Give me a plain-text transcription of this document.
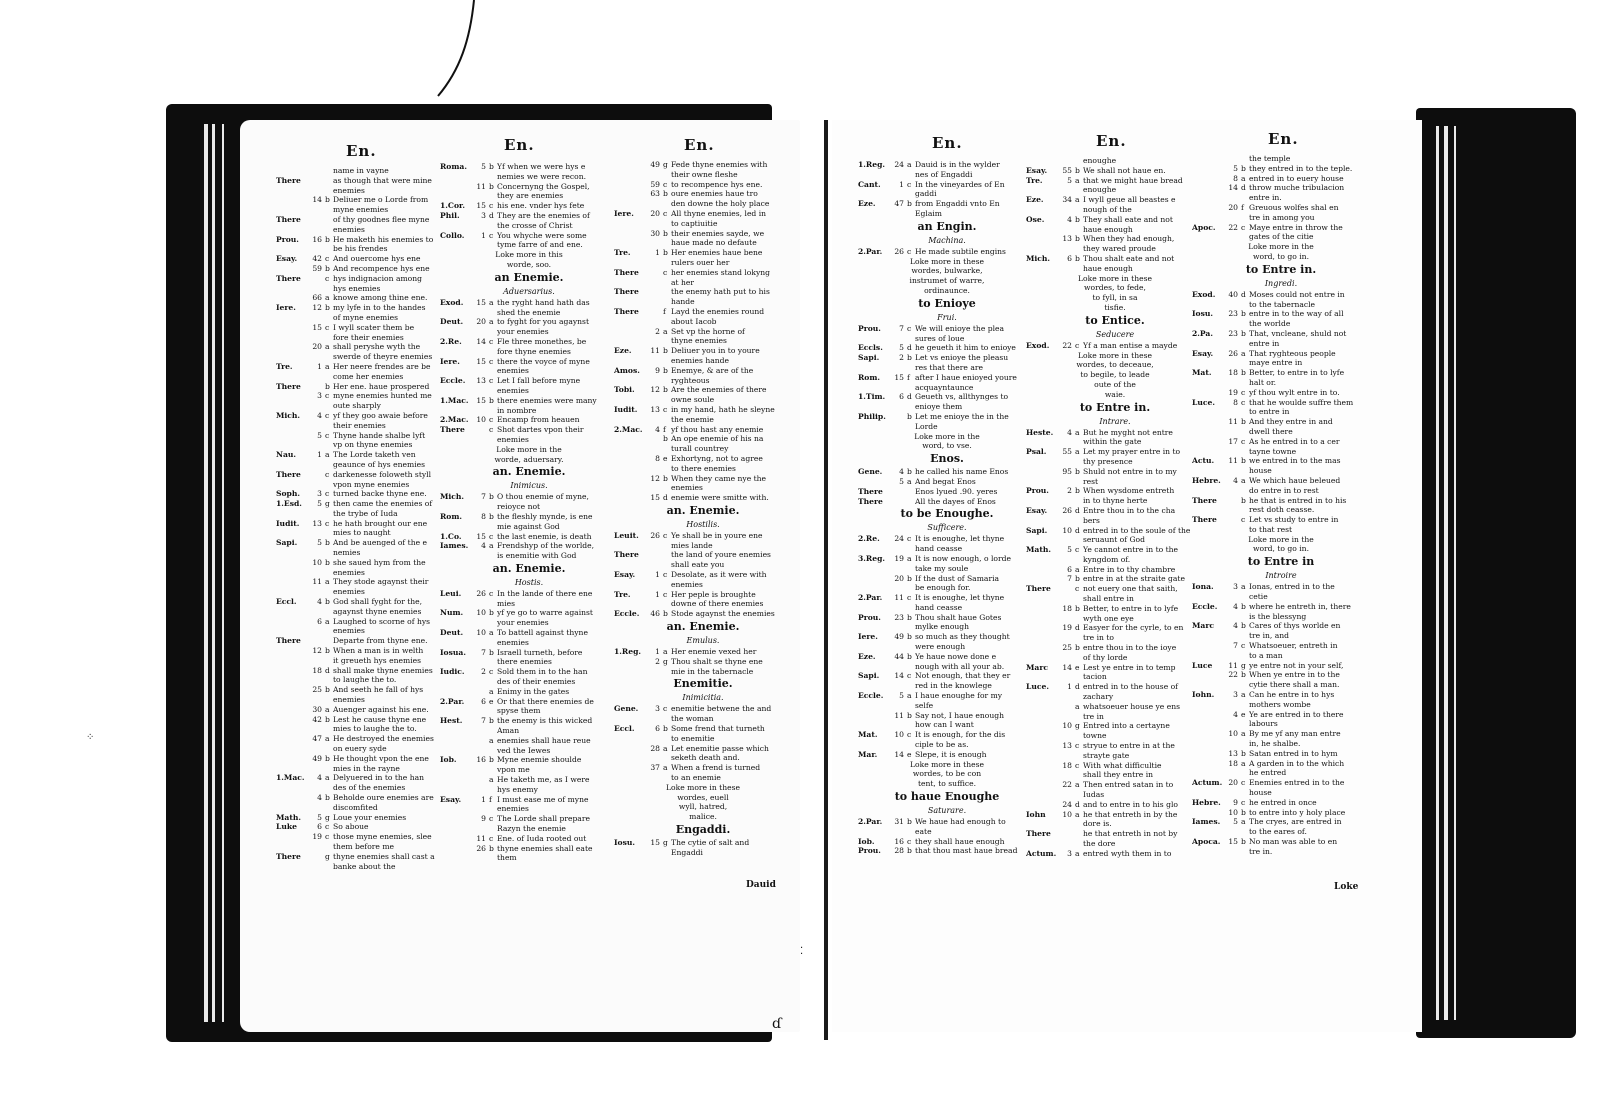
En.	En.	En.	En.	En.	En.
name in vayne
There	as though that were mine
enemies
14 b Deliuer me o Lorde from
myne enemies
There	of thy goodnes flee myne
enemies
Prou.	16 b He maketh his enemies to
be his frendes
Esay.	42 c And ouercome hys ene
59 b And recompence hys ene
There	c hys indignacion among
hys enemies
66 a knowe among thine ene.
Iere.	12 b my lyfe in to the handes
of myne enemies
15 c I wyll scater them be
fore their enemies
20 a shall peryshe wyth the
swerde of theyre enemies
Tre.	1 a Her neere frendes are be
come her enemies
There	b Her ene. haue prospered
3 c myne enemies hunted me
oute sharply
Mich.	4 c yf they goo awaie before
their enemies
5 c Thyne hande shalbe lyft
vp on thyne enemies
Nau.	1 a The Lorde taketh ven
geaunce of hys enemies
There	c darkenesse foloweth styll
vpon myne enemies
Soph.	3 c turned backe thyne ene.
1.Esd.	5 g then came the enemies of
the trybe of Iuda
Iudit.	13 c he hath brought our ene
mies to naught
Sapi.	5 b And be auenged of the e
nemies
10 b she saued hym from the
enemies
11 a They stode agaynst their
enemies
Eccl.	4 b God shall fyght for the,
agaynst thyne enemies
6 a Laughed to scorne of hys
enemies
There	Departe from thyne ene.
12 b When a man is in welth
it greueth hys enemies
18 d shall make thyne enemies
to laughe the to.
25 b And seeth he fall of hys
enemies
30 a Auenger against his ene.
42 b Lest he cause thyne ene
mies to laughe the to.
47 a He destroyed the enemies
on euery syde
49 b He thought vpon the ene
mies in the rayne
1.Mac.	4 a Delyuered in to the han
des of the enemies
4 b Beholde oure enemies are
discomfited
Math.	5 g Loue your enemies
Luke	6 c So aboue
19 c those myne enemies, slee
them before me
There	g thyne enemies shall cast a
banke about the
Roma.	5 b Yf when we were hys e
nemies we were recon.
11 b Concernyng the Gospel,
they are enemies
1.Cor.	15 c his ene. vnder hys fete
Phil.	3 d They are the enemies of
the crosse of Christ
Collo.	1 c You whyche were some
tyme farre of and ene.
Loke more in this
worde, soo.
an Enemie.
Aduersarius.
Exod.	15 a the ryght hand hath das
shed the enemie
Deut.	20 a to fyght for you agaynst
your enemies
2.Re.	14 c Fle three monethes, be
fore thyne enemies
Iere.	15 c there the voyce of myne
enemies
Eccle.	13 c Let I fall before myne
enemies
1.Mac.	15 b there enemies were many
in nombre
2.Mac.	10 c Encamp from heauen
There	c Shot dartes vpon their
enemies
Loke more in the
worde, aduersary.
an. Enemie.
Inimicus.
Mich.	7 b O thou enemie of myne,
reioyce not
Rom.	8 b the fleshly mynde, is ene
mie against God
1.Co.	15 c the last enemie, is death
Iames.	4 a Frendshyp of the worlde,
is enemitie with God
an. Enemie.
Hostis.
Leui.	26 c In the lande of there ene
mies
Num.	10 b yf ye go to warre against
your enemies
Deut.	10 a To battell against thyne
enemies
Iosua.	7 b Israell turneth, before
there enemies
Iudic.	2 c Sold them in to the han
des of their enemies
a Enimy in the gates
2.Par.	6 e Or that there enemies de
spyse them
Hest.	7 b the enemy is this wicked
Aman
a enemies shall haue reue
ved the Iewes
Iob.	16 b Myne enemie shoulde
vpon me
a He taketh me, as I were
hys enemy
Esay.	1 f I must ease me of myne
enemies
9 c The Lorde shall prepare
Razyn the enemie
11 c Ene. of Iuda rooted out
26 b thyne enemies shall eate
them
49 g Fede thyne enemies with
their owne fleshe
59 c to recompence hys ene.
63 b oure enemies haue tro
den downe the holy place
Iere.	20 c All thyne enemies, led in
to captiuitie
30 b their enemies sayde, we
haue made no defaute
Tre.	1 b Her enemies haue bene
rulers ouer her
There	c her enemies stand lokyng
at her
There	the enemy hath put to his
hande
There	f Layd the enemies round
about Iacob
2 a Set vp the horne of
thyne enemies
Eze.	11 b Deliuer you in to youre
enemies hande
Amos.	9 b Enemye, & are of the
ryghteous
Tobi.	12 b Are the enemies of there
owne soule
Iudit.	13 c in my hand, hath he sleyne
the enemie
2.Mac.	4 f yf thou hast any enemie
b An ope enemie of his na
turall countrey
8 e Exhortyng, not to agree
to there enemies
12 b When they came nye the
enemies
15 d enemie were smitte with.
an. Enemie.
Hostilis.
Leuit.	26 c Ye shall be in youre ene
mies lande
There	the land of youre enemies
shall eate you
Esay.	1 c Desolate, as it were with
enemies
Tre.	1 c Her peple is broughte
downe of there enemies
Eccle.	46 b Stode agaynst the enemies
an. Enemie.
Emulus.
1.Reg.	1 a Her enemie vexed her
2 g Thou shalt se thyne ene
mie in the tabernacle
Enemitie.
Inimicitia.
Gene.	3 c enemitie betwene the and
the woman
Eccl.	6 b Some frend that turneth
to enemitie
28 a Let enemitie passe which
seketh death and.
37 a When a frend is turned
to an enemie
Loke more in these
wordes, euell
wyll, hatred,
malice.
Engaddi.
Iosu.	15 g The cytie of salt and
Engaddi
1.Reg.	24 a Dauid is in the wylder
nes of Engaddi
Cant.	1 c In the vineyardes of En
gaddi
Eze.	47 b from Engaddi vnto En
Eglaim
an Engin.
Machina.
2.Par.	26 c He made subtile engins
Loke more in these
wordes, bulwarke,
instrumet of warre,
ordinaunce.
to Enioye
Frui.
Prou.	7 c We will enioye the plea
sures of loue
Eccls.	5 d he geueth it him to enioye
Sapi.	2 b Let vs enioye the pleasu
res that there are
Rom.	15 f after I haue enioyed youre
acquayntaunce
1.Tim.	6 d Geueth vs, allthynges to
enioye them
Philip.	b Let me enioye the in the
Lorde
Loke more in the
word, to vse.
Enos.
Gene.	4 b he called his name Enos
5 a And begat Enos
There	Enos lyued .90. yeres
There	All the dayes of Enos
to be Enoughe.
Sufficere.
2.Re.	24 c It is enoughe, let thyne
hand ceasse
3.Reg.	19 a It is now enough, o lorde
take my soule
20 b If the dust of Samaria
be enough for.
2.Par.	11 c It is enoughe, let thyne
hand ceasse
Prou.	23 b Thou shalt haue Gotes
mylke enough
Iere.	49 b so much as they thought
were enough
Eze.	44 b Ye haue nowe done e
nough with all your ab.
Sapi.	14 c Not enough, that they er
red in the knowlege
Eccle.	5 a I haue enoughe for my
selfe
11 b Say not, I haue enough
how can I want
Mat.	10 c It is enough, for the dis
ciple to be as.
Mar.	14 e Slepe, it is enough
Loke more in these
wordes, to be con
tent, to suffice.
to haue Enoughe
Saturare.
2.Par.	31 b We haue had enough to
eate
Iob.	16 c they shall haue enough
Prou.	28 b that thou mast haue bread
enoughe
Esay.	55 b We shall not haue en.
Tre.	5 a that we might haue bread
enoughe
Eze.	34 a I wyll geue all beastes e
nough of the
Ose.	4 b They shall eate and not
haue enough
13 b When they had enough,
they wared proude
Mich.	6 b Thou shalt eate and not
haue enough
Loke more in these
wordes, to fede,
to fyll, in sa
tisfie.
to Entice.
Seducere
Exod.	22 c Yf a man entise a mayde
Loke more in these
wordes, to deceaue,
to begile, to leade
oute of the
waie.
to Entre in.
Intrare.
Heste.	4 a But he myght not entre
within the gate
Psal.	55 a Let my prayer entre in to
thy presence
95 b Shuld not entre in to my
rest
Prou.	2 b When wysdome entreth
in to thyne herte
Esay.	26 d Entre thou in to the cha
bers
Sapi.	10 d entred in to the soule of the
seruaunt of God
Math.	5 c Ye cannot entre in to the
kyngdom of.
6 a Entre in to thy chambre
7 b entre in at the straite gate
There	c not euery one that saith,
shall entre in
18 b Better, to entre in to lyfe
wyth one eye
19 d Easyer for the cyrle, to en
tre in to
25 b entre thou in to the ioye
of thy lorde
Marc	14 e Lest ye entre in to temp
tacion
Luce.	1 d entred in to the house of
zachary
a whatsoeuer house ye ens
tre in
10 g Entred into a certayne
towne
13 c stryue to entre in at the
strayte gate
18 c With what difficultie
shall they entre in
22 a Then entred satan in to
Iudas
24 d and to entre in to his glo
Iohn	10 a he that entreth in by the
dore is.
There	he that entreth in not by
the dore
Actum.	3 a entred wyth them in to
the temple
5 b they entred in to the teple.
8 a entred in to euery house
14 d throw muche tribulacion
entre in.
20 f Greuous wolfes shal en
tre in among you
Apoc.	22 c Maye entre in throw the
gates of the citie
Loke more in the
word, to go in.
to Entre in.
Ingredi.
Exod.	40 d Moses could not entre in
to the tabernacle
Iosu.	23 b entre in to the way of all
the worlde
2.Pa.	23 b That, vncleane, shuld not
entre in
Esay.	26 a That ryghteous people
maye entre in
Mat.	18 b Better, to entre in to lyfe
halt or.
19 c yf thou wylt entre in to.
Luce.	8 c that he woulde suffre them
to entre in
11 b And they entre in and
dwell there
17 c As he entred in to a cer
tayne towne
Actu.	11 b we entred in to the mas
house
Hebre.	4 a We which haue beleued
do entre in to rest
There	b he that is entred in to his
rest doth ceasse.
There	c Let vs study to entre in
to that rest
Loke more in the
word, to go in.
to Entre in
Introire
Iona.	3 a Ionas, entred in to the
cetie
Eccle.	4 b where he entreth in, there
is the blessyng
Marc	4 b Cares of thys worlde en
tre in, and
7 c Whatsoeuer, entreth in
to a man
Luce	11 g ye entre not in your self,
22 b When ye entre in to the
cytie there shall a man.
Iohn.	3 a Can he entre in to hys
mothers wombe
4 e Ye are entred in to there
labours
10 a By me yf any man entre
in, he shalbe.
13 b Satan entred in to hym
18 a A garden in to the which
he entred
Actum. 20 c Enemies entred in to the
house
Hebre.	9 c he entred in once
10 b to entre into y holy place
Iames.	5 a The cryes, are entred in
to the eares of.
Apoca.	15 b No man was able to en
tre in.
Dauid	Loke
⁘
ɗ
⁚
